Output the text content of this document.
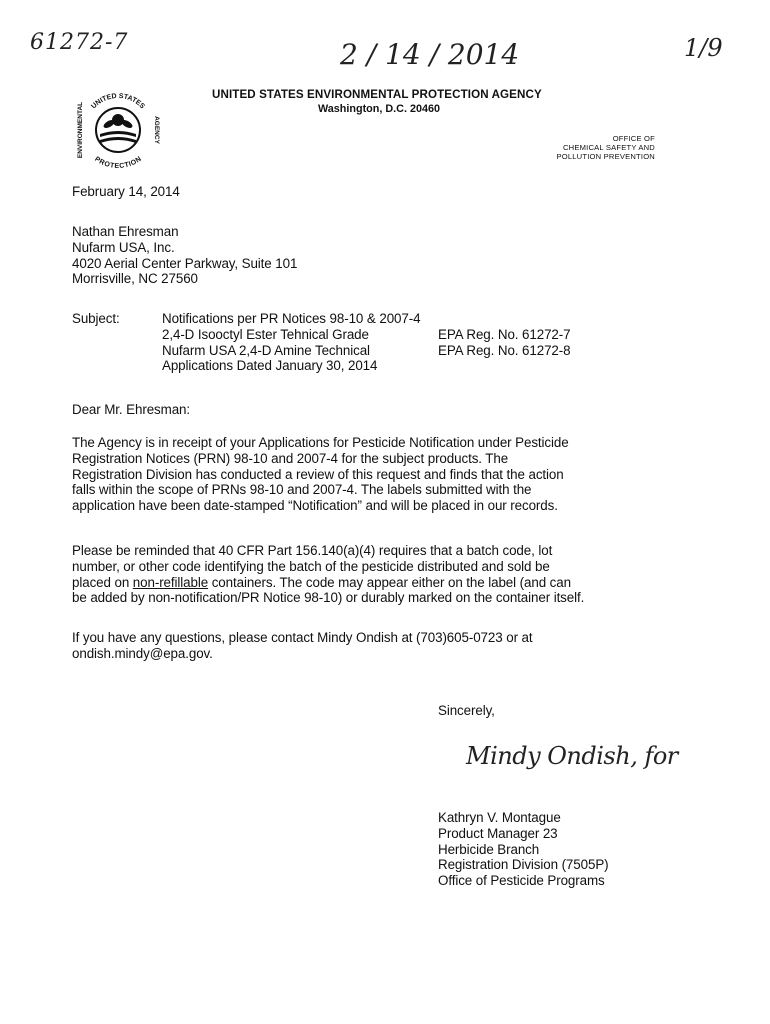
61272-7	2 / 14 / 2014	1/9
UNITED STATES
ENVIRONMENTAL	AGENCY
PROTECTION
UNITED STATES ENVIRONMENTAL PROTECTION AGENCY
Washington, D.C. 20460
OFFICE OF
CHEMICAL SAFETY AND
POLLUTION PREVENTION
February 14, 2014
Nathan Ehresman
Nufarm USA, Inc.
4020 Aerial Center Parkway, Suite 101
Morrisville, NC 27560
Subject:	Notifications per PR Notices 98-10 & 2007-4
2,4-D Isooctyl Ester Tehnical Grade	EPA Reg. No. 61272-7
Nufarm USA 2,4-D Amine Technical	EPA Reg. No. 61272-8
Applications Dated January 30, 2014
Dear Mr. Ehresman:
The Agency is in receipt of your Applications for Pesticide Notification under Pesticide
Registration Notices (PRN) 98-10 and 2007-4 for the subject products. The
Registration Division has conducted a review of this request and finds that the action
falls within the scope of PRNs 98-10 and 2007-4. The labels submitted with the
application have been date-stamped “Notification” and will be placed in our records.
Please be reminded that 40 CFR Part 156.140(a)(4) requires that a batch code, lot
number, or other code identifying the batch of the pesticide distributed and sold be
placed on non-refillable containers. The code may appear either on the label (and can
be added by non-notification/PR Notice 98-10) or durably marked on the container itself.
If you have any questions, please contact Mindy Ondish at (703)605-0723 or at
ondish.mindy@epa.gov.
Sincerely,
Mindy Ondish, for
Kathryn V. Montague
Product Manager 23
Herbicide Branch
Registration Division (7505P)
Office of Pesticide Programs
